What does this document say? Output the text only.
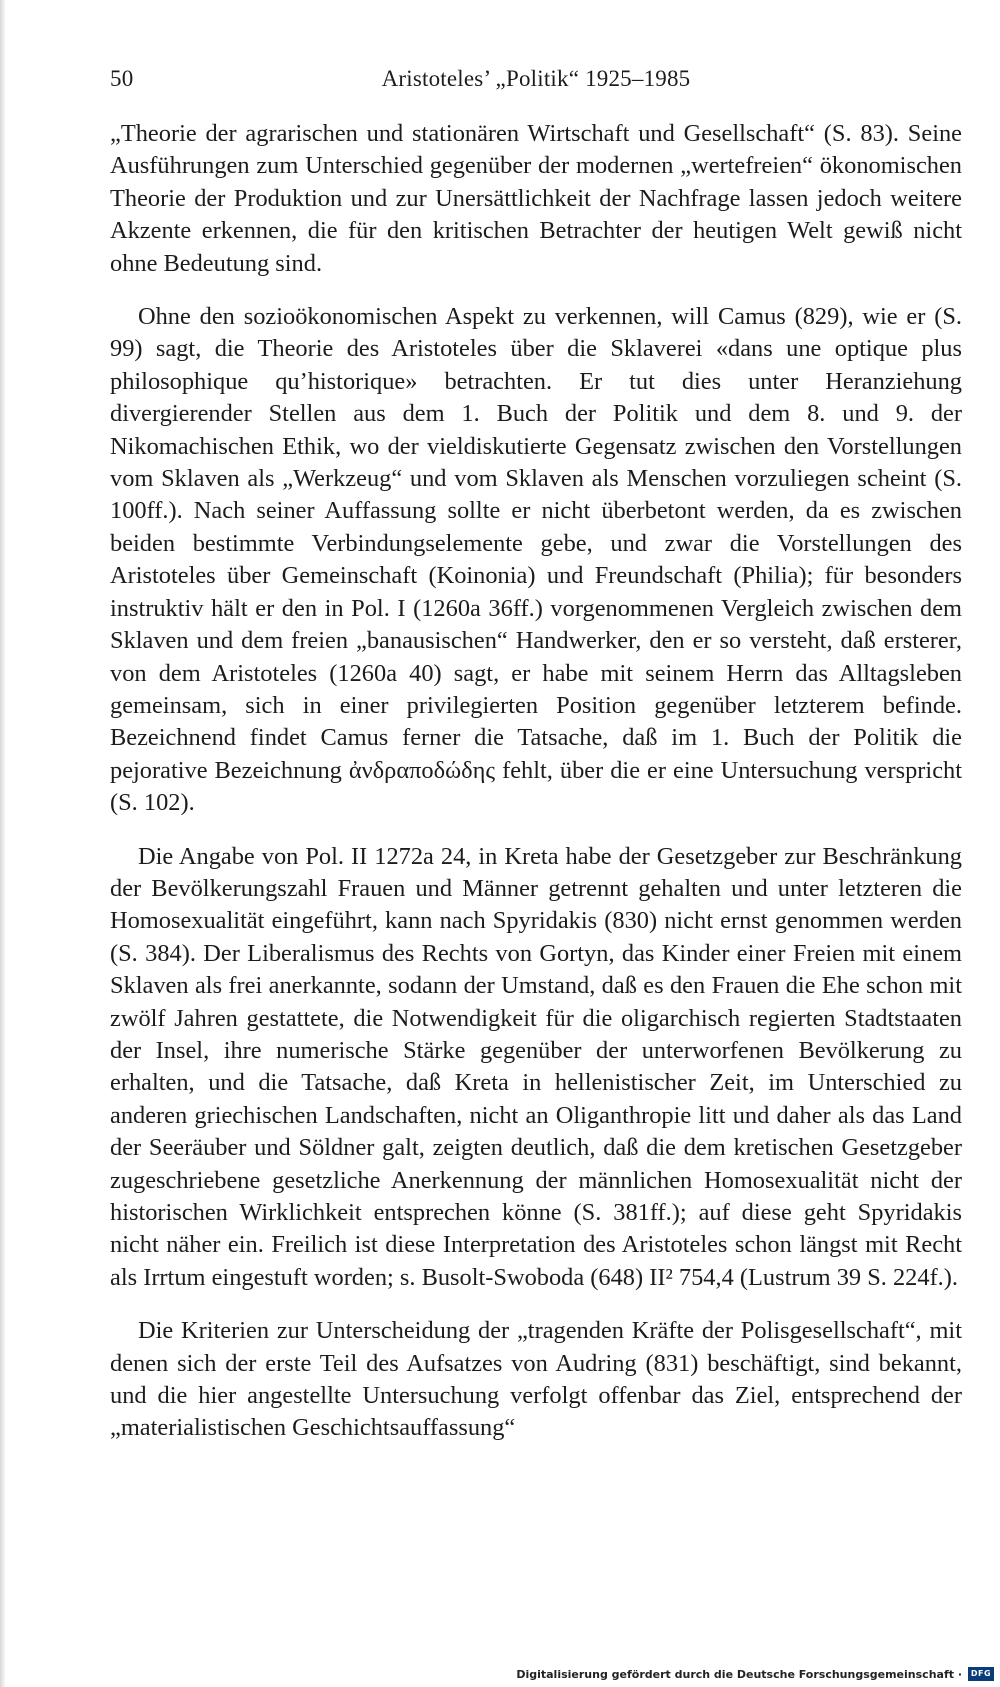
50	Aristoteles’ „Politik“ 1925–1985

„Theorie der agrarischen und stationären Wirtschaft und Gesellschaft“ (S. 83). Seine Ausführungen zum Unterschied gegenüber der modernen „wertefreien“ ökonomischen Theorie der Produktion und zur Unersättlichkeit der Nachfrage lassen jedoch weitere Akzente erkennen, die für den kritischen Betrachter der heutigen Welt gewiß nicht ohne Bedeutung sind.

Ohne den sozioökonomischen Aspekt zu verkennen, will Camus (829), wie er (S. 99) sagt, die Theorie des Aristoteles über die Sklaverei «dans une optique plus philosophique qu’historique» betrachten. Er tut dies unter Heranziehung divergierender Stellen aus dem 1. Buch der Politik und dem 8. und 9. der Nikomachischen Ethik, wo der vieldiskutierte Gegensatz zwischen den Vorstellungen vom Sklaven als „Werkzeug“ und vom Sklaven als Menschen vorzuliegen scheint (S. 100ff.). Nach seiner Auffassung sollte er nicht überbetont werden, da es zwischen beiden bestimmte Verbindungselemente gebe, und zwar die Vorstellungen des Aristoteles über Gemeinschaft (Koinonia) und Freundschaft (Philia); für besonders instruktiv hält er den in Pol. I (1260a 36ff.) vorgenommenen Vergleich zwischen dem Sklaven und dem freien „banausischen“ Handwerker, den er so versteht, daß ersterer, von dem Aristoteles (1260a 40) sagt, er habe mit seinem Herrn das Alltagsleben gemeinsam, sich in einer privilegierten Position gegenüber letzterem befinde. Bezeichnend findet Camus ferner die Tatsache, daß im 1. Buch der Politik die pejorative Bezeichnung ἀνδραποδώδης fehlt, über die er eine Untersuchung verspricht (S. 102).

Die Angabe von Pol. II 1272a 24, in Kreta habe der Gesetzgeber zur Beschränkung der Bevölkerungszahl Frauen und Männer getrennt gehalten und unter letzteren die Homosexualität eingeführt, kann nach Spyridakis (830) nicht ernst genommen werden (S. 384). Der Liberalismus des Rechts von Gortyn, das Kinder einer Freien mit einem Sklaven als frei anerkannte, sodann der Umstand, daß es den Frauen die Ehe schon mit zwölf Jahren gestattete, die Notwendigkeit für die oligarchisch regierten Stadtstaaten der Insel, ihre numerische Stärke gegenüber der unterworfenen Bevölkerung zu erhalten, und die Tatsache, daß Kreta in hellenistischer Zeit, im Unterschied zu anderen griechischen Landschaften, nicht an Oliganthropie litt und daher als das Land der Seeräuber und Söldner galt, zeigten deutlich, daß die dem kretischen Gesetzgeber zugeschriebene gesetzliche Anerkennung der männlichen Homosexualität nicht der historischen Wirklichkeit entsprechen könne (S. 381ff.); auf diese geht Spyridakis nicht näher ein. Freilich ist diese Interpretation des Aristoteles schon längst mit Recht als Irrtum eingestuft worden; s. Busolt-Swoboda (648) II² 754,4 (Lustrum 39 S. 224f.).

Die Kriterien zur Unterscheidung der „tragenden Kräfte der Polisgesellschaft“, mit denen sich der erste Teil des Aufsatzes von Audring (831) beschäftigt, sind bekannt, und die hier angestellte Untersuchung verfolgt offenbar das Ziel, entsprechend der „materialistischen Geschichtsauffassung“

Digitalisierung gefördert durch die Deutsche Forschungsgemeinschaft ·	DFG
